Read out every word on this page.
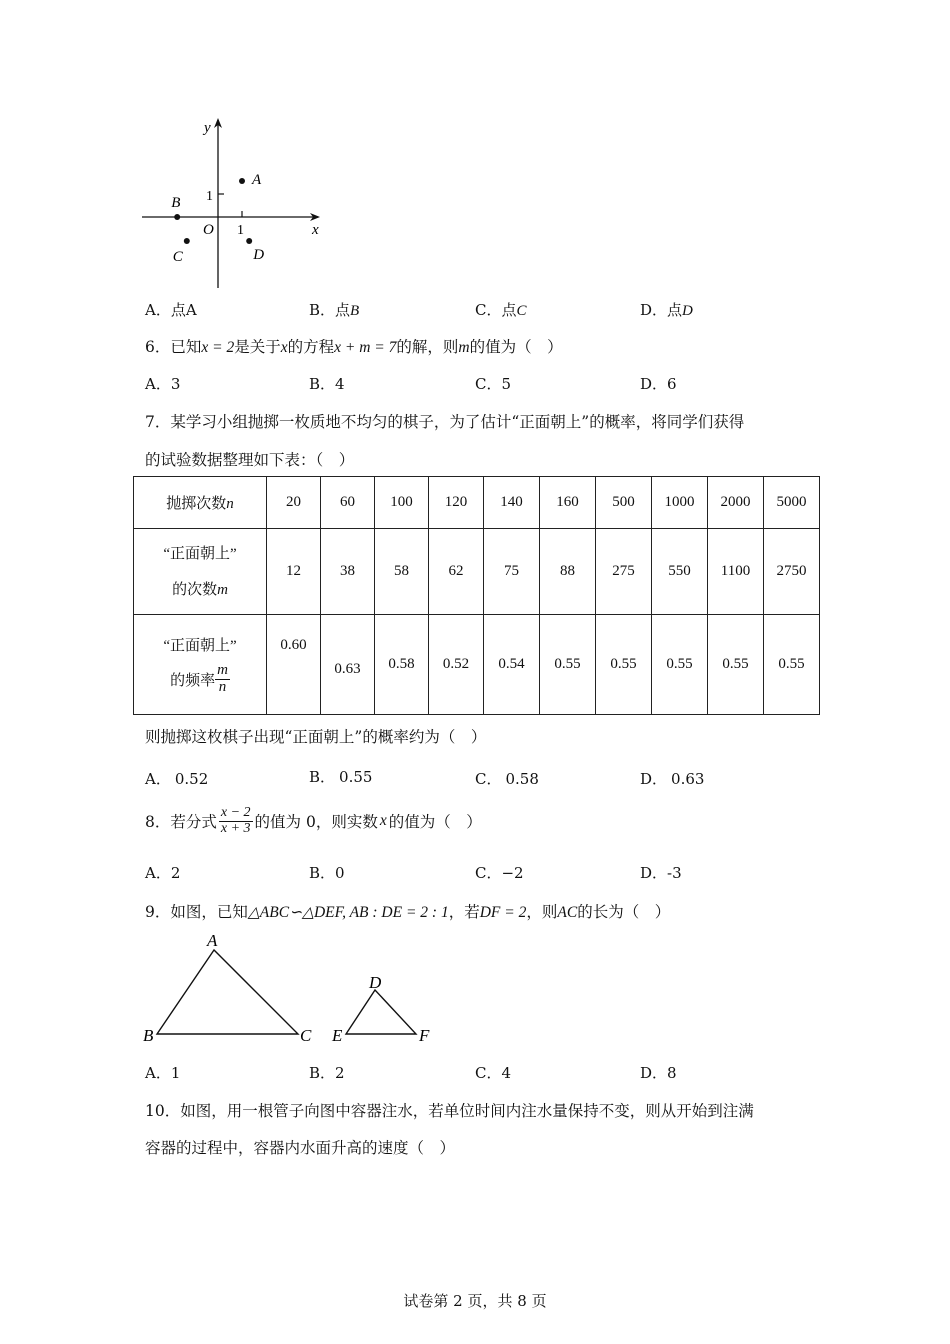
y
x
O 1
1
A
B
C	D
A．点A	B．点B	C．点C	D．点D
6．已知x = 2是关于x的方程x + m = 7的解，则m的值为（　）
A．3	B．4	C．5	D．6
7．某学习小组抛掷一枚质地不均匀的棋子，为了估计“正面朝上”的概率，将同学们获得
的试验数据整理如下表：（　）
抛掷次数n	20	60	100	120	140	160	500	1000	2000	5000

“正面朝上”
的次数m	12	38	58	62	75	88	275	550	1100	2750

“正面朝上”
的频率 $\frac{m}{n}$	0.60	0.63	0.58	0.52	0.54	0.55	0.55	0.55	0.55	0.55
则抛掷这枚棋子出现“正面朝上”的概率约为（　）
A． 0.52	B． 0.55	C． 0.58	D． 0.63
8．若分式 $\frac{x - 2}{x + 3}$ 的值为 0，则实数 x 的值为（　）
A．2	B．0	C．−2	D．-3
9．如图，已知△ABC∽△DEF, AB : DE = 2 : 1，若DF = 2，则AC的长为（　）
A
B	C
D
E	F
A．1	B．2	C．4	D．8
10．如图，用一根管子向图中容器注水，若单位时间内注水量保持不变，则从开始到注满
容器的过程中，容器内水面升高的速度（　）
试卷第 2 页，共 8 页
